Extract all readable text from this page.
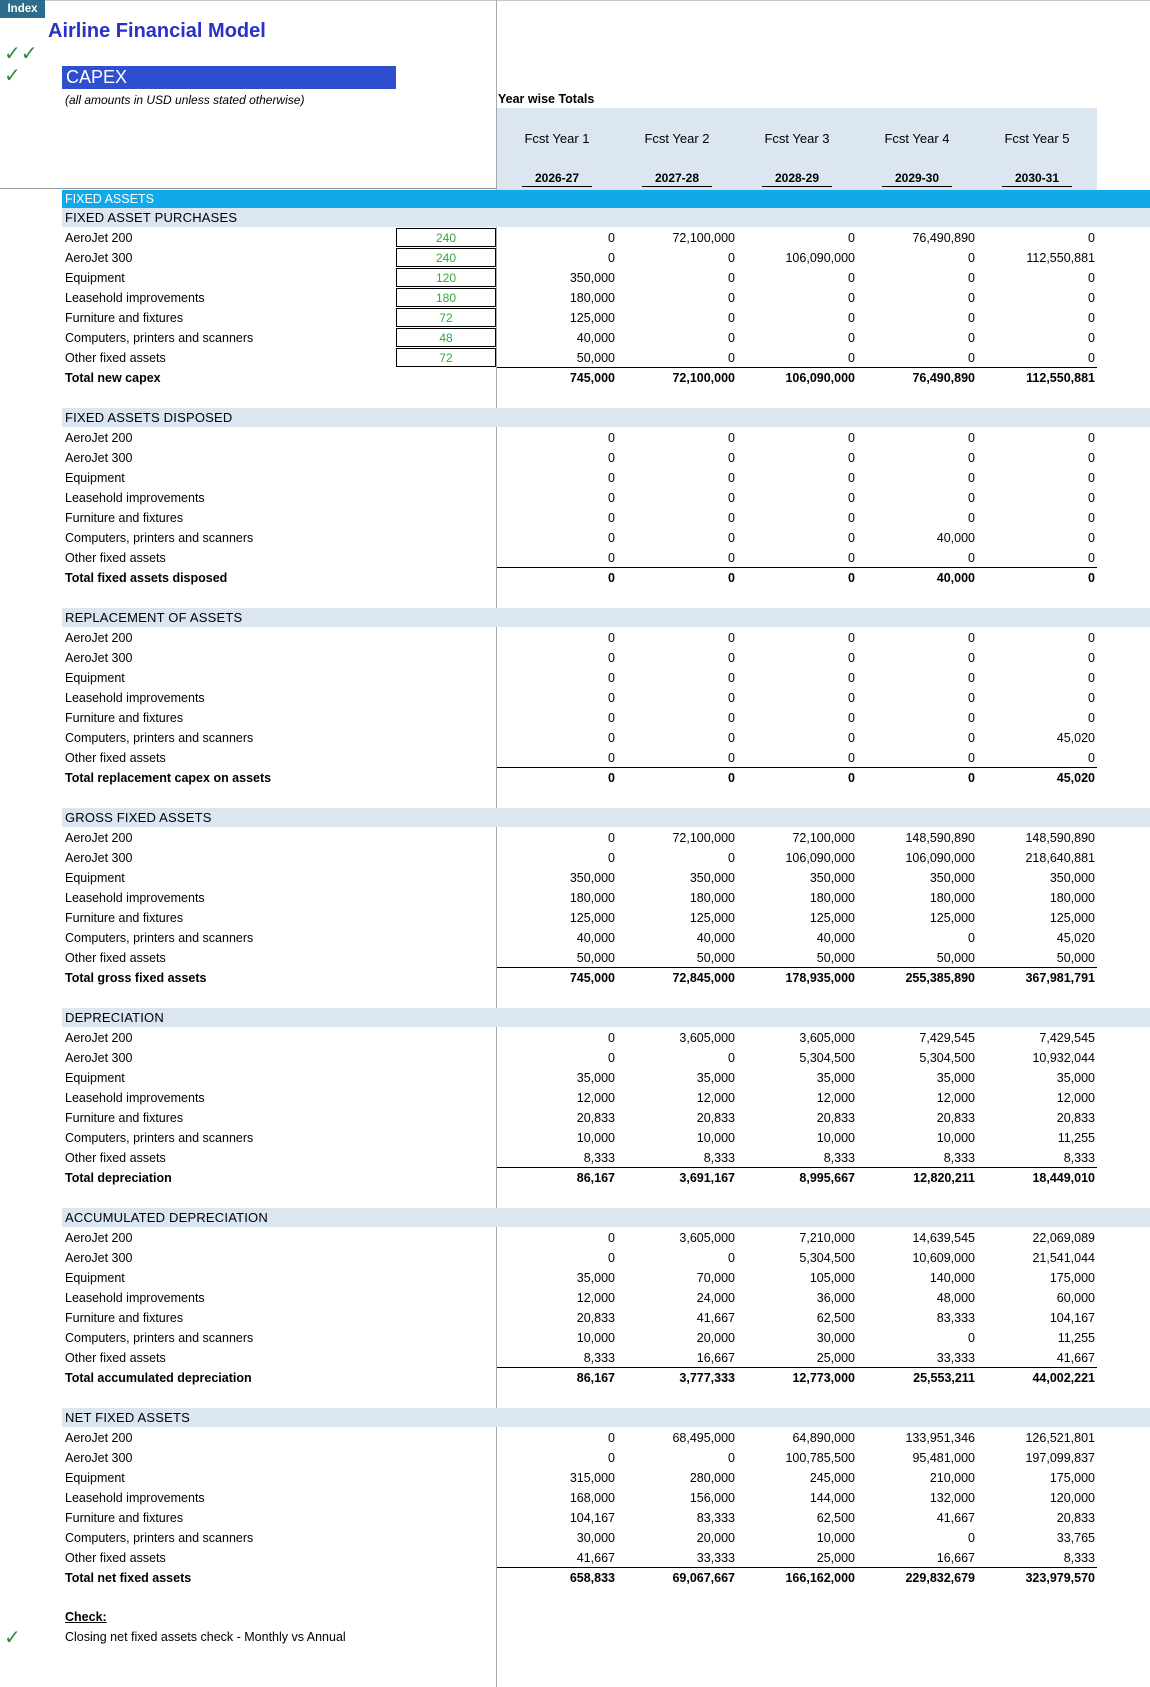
Index
Airline Financial Model
✓✓
✓	CAPEX
(all amounts in USD unless stated otherwise)	Year wise Totals
Fcst Year 1	Fcst Year 2	Fcst Year 3	Fcst Year 4	Fcst Year 5
2026-27	2027-28	2028-29	2029-30	2030-31
FIXED ASSETS
FIXED ASSET PURCHASES
AeroJet 200	240	0	72,100,000	0	76,490,890	0
AeroJet 300	240	0	0	106,090,000	0	112,550,881
Equipment	120	350,000	0	0	0	0
Leasehold improvements	180	180,000	0	0	0	0
Furniture and fixtures	72	125,000	0	0	0	0
Computers, printers and scanners	48	40,000	0	0	0	0
Other fixed assets	72	50,000	0	0	0	0
Total new capex	745,000	72,100,000	106,090,000	76,490,890	112,550,881
FIXED ASSETS DISPOSED
AeroJet 200	0	0	0	0	0
AeroJet 300	0	0	0	0	0
Equipment	0	0	0	0	0
Leasehold improvements	0	0	0	0	0
Furniture and fixtures	0	0	0	0	0
Computers, printers and scanners	0	0	0	40,000	0
Other fixed assets	0	0	0	0	0
Total fixed assets disposed	0	0	0	40,000	0
REPLACEMENT OF ASSETS
AeroJet 200	0	0	0	0	0
AeroJet 300	0	0	0	0	0
Equipment	0	0	0	0	0
Leasehold improvements	0	0	0	0	0
Furniture and fixtures	0	0	0	0	0
Computers, printers and scanners	0	0	0	0	45,020
Other fixed assets	0	0	0	0	0
Total replacement capex on assets	0	0	0	0	45,020
GROSS FIXED ASSETS
AeroJet 200	0	72,100,000	72,100,000	148,590,890	148,590,890
AeroJet 300	0	0	106,090,000	106,090,000	218,640,881
Equipment	350,000	350,000	350,000	350,000	350,000
Leasehold improvements	180,000	180,000	180,000	180,000	180,000
Furniture and fixtures	125,000	125,000	125,000	125,000	125,000
Computers, printers and scanners	40,000	40,000	40,000	0	45,020
Other fixed assets	50,000	50,000	50,000	50,000	50,000
Total gross fixed assets	745,000	72,845,000	178,935,000	255,385,890	367,981,791
DEPRECIATION
AeroJet 200	0	3,605,000	3,605,000	7,429,545	7,429,545
AeroJet 300	0	0	5,304,500	5,304,500	10,932,044
Equipment	35,000	35,000	35,000	35,000	35,000
Leasehold improvements	12,000	12,000	12,000	12,000	12,000
Furniture and fixtures	20,833	20,833	20,833	20,833	20,833
Computers, printers and scanners	10,000	10,000	10,000	10,000	11,255
Other fixed assets	8,333	8,333	8,333	8,333	8,333
Total depreciation	86,167	3,691,167	8,995,667	12,820,211	18,449,010
ACCUMULATED DEPRECIATION
AeroJet 200	0	3,605,000	7,210,000	14,639,545	22,069,089
AeroJet 300	0	0	5,304,500	10,609,000	21,541,044
Equipment	35,000	70,000	105,000	140,000	175,000
Leasehold improvements	12,000	24,000	36,000	48,000	60,000
Furniture and fixtures	20,833	41,667	62,500	83,333	104,167
Computers, printers and scanners	10,000	20,000	30,000	0	11,255
Other fixed assets	8,333	16,667	25,000	33,333	41,667
Total accumulated depreciation	86,167	3,777,333	12,773,000	25,553,211	44,002,221
NET FIXED ASSETS
AeroJet 200	0	68,495,000	64,890,000	133,951,346	126,521,801
AeroJet 300	0	0	100,785,500	95,481,000	197,099,837
Equipment	315,000	280,000	245,000	210,000	175,000
Leasehold improvements	168,000	156,000	144,000	132,000	120,000
Furniture and fixtures	104,167	83,333	62,500	41,667	20,833
Computers, printers and scanners	30,000	20,000	10,000	0	33,765
Other fixed assets	41,667	33,333	25,000	16,667	8,333
Total net fixed assets	658,833	69,067,667	166,162,000	229,832,679	323,979,570
Check:
Closing net fixed assets check - Monthly vs Annual
✓
